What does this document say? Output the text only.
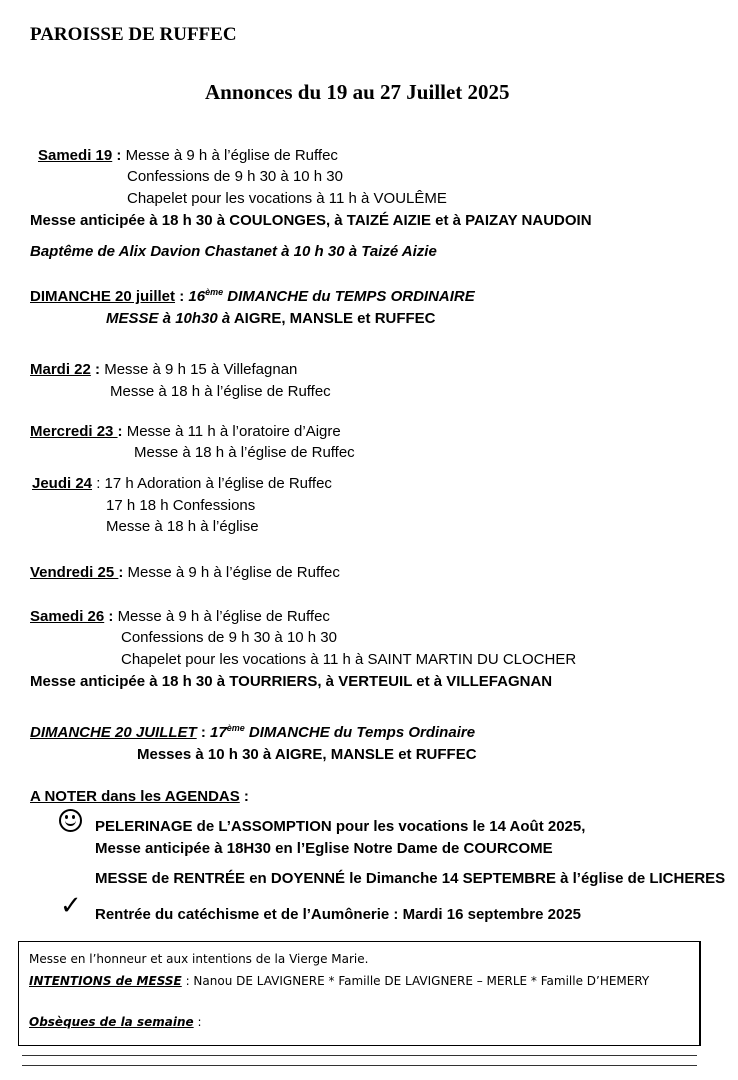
PAROISSE DE RUFFEC
Annonces du 19 au 27 Juillet 2025
Samedi 19 : Messe à 9 h à l’église de Ruffec
Confessions de 9 h 30 à 10 h 30
Chapelet pour les vocations à 11 h à VOULÊME
Messe anticipée à 18 h 30 à COULONGES, à TAIZÉ AIZIE et à PAIZAY NAUDOIN
Baptême de Alix Davion Chastanet à 10 h 30 à Taizé Aizie
DIMANCHE 20 juillet : 16ème DIMANCHE du TEMPS ORDINAIRE
MESSE à 10h30 à AIGRE, MANSLE et RUFFEC
Mardi 22 : Messe à 9 h 15 à Villefagnan
Messe à 18 h à l’église de Ruffec
Mercredi 23 : Messe à 11 h à l’oratoire d’Aigre
Messe à 18 h à l’église de Ruffec
Jeudi 24 : 17 h Adoration à l’église de Ruffec
17 h 18 h Confessions
Messe à 18 h à l’église
Vendredi 25 : Messe à 9 h à l’église de Ruffec
Samedi 26 : Messe à 9 h à l’église de Ruffec
Confessions de 9 h 30 à 10 h 30
Chapelet pour les vocations à 11 h à SAINT MARTIN DU CLOCHER
Messe anticipée à 18 h 30 à TOURRIERS, à VERTEUIL et à VILLEFAGNAN
DIMANCHE 20 JUILLET : 17ème DIMANCHE du Temps Ordinaire
Messes à 10 h 30 à AIGRE, MANSLE et RUFFEC
A NOTER dans les AGENDAS :
PELERINAGE de L’ASSOMPTION pour les vocations le 14 Août 2025,
Messe anticipée à 18H30 en l’Eglise Notre Dame de COURCOME
MESSE de RENTRÉE en DOYENNÉ le Dimanche 14 SEPTEMBRE à l’église de LICHERES
✓ Rentrée du catéchisme et de l’Aumônerie : Mardi 16 septembre 2025
Messe en l’honneur et aux intentions de la Vierge Marie.
INTENTIONS de MESSE : Nanou DE LAVIGNERE * Famille DE LAVIGNERE – MERLE * Famille D’HEMERY
Obsèques de la semaine :
